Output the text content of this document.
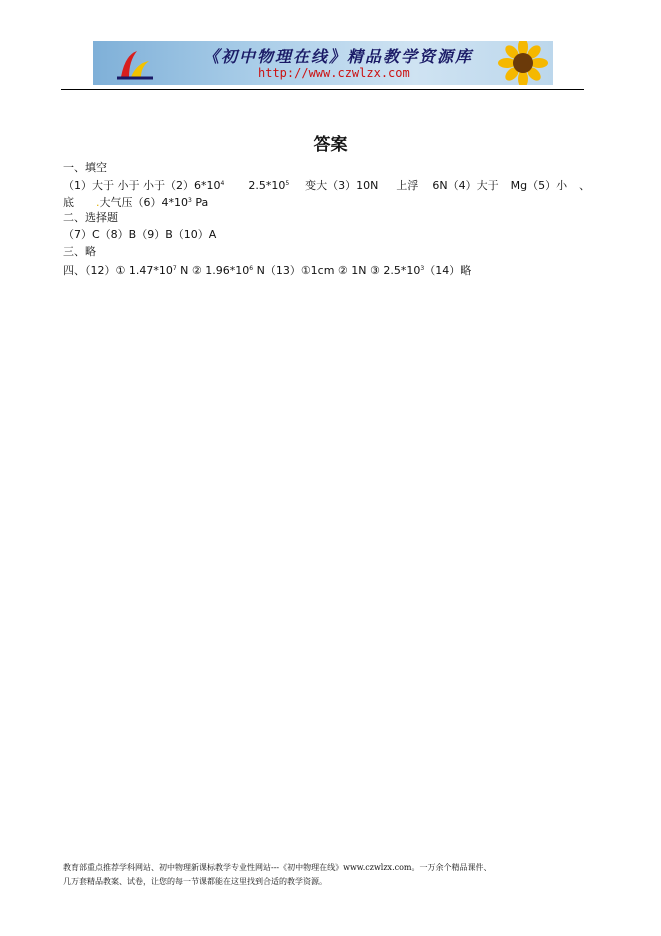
《初中物理在线》精品教学资源库
http://www.czwlzx.com
答案
一、填空
（1）大于 小于 小于$(2)6*10^4$ $2.5*10^5$ 变大（3）10N 上浮 6N（4）大于 Mg（5）小 、
底 .大气压$(6)4*10^3$ Pa
二、选择题
（7）C（8）B（9）B（10）A
三、略
四、（12）① $1.47*10^7$ N ② $1.96*10^6$ N（13）①1cm ② 1N ③ $2.5*10^3(14)$略
教育部重点推荐学科网站、初中物理新课标教学专业性网站---《初中物理在线》www.czwlzx.com。一万余个精品课件、
几万套精品教案、试卷，让您的每一节课都能在这里找到合适的教学资源。
